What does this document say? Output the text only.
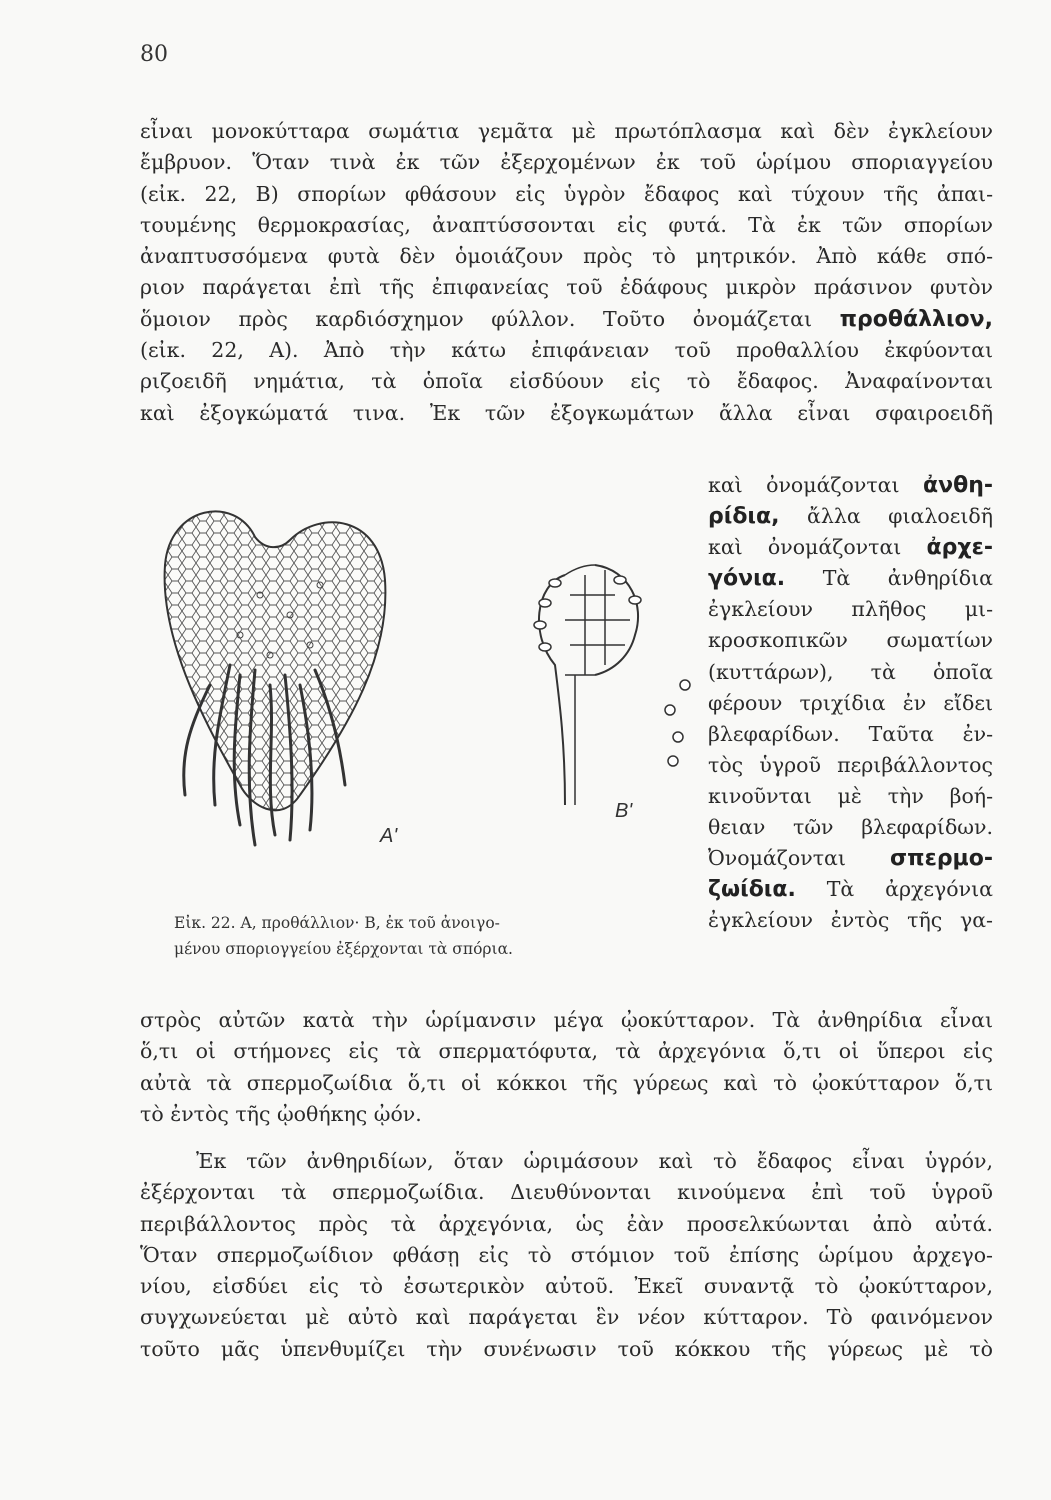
80
εἶναι μονοκύτταρα σωμάτια γεμᾶτα μὲ πρωτόπλασμα καὶ δὲν ἐγκλείουν
ἔμβρυον. Ὅταν τινὰ ἐκ τῶν ἐξερχομένων ἐκ τοῦ ὡρίμου σποριαγγείου
(εἰκ. 22, Β) σπορίων φθάσουν εἰς ὑγρὸν ἔδαφος καὶ τύχουν τῆς ἀπαι-
τουμένης θερμοκρασίας, ἀναπτύσσονται εἰς φυτά. Τὰ ἐκ τῶν σπορίων
ἀναπτυσσόμενα φυτὰ δὲν ὁμοιάζουν πρὸς τὸ μητρικόν. Ἀπὸ κάθε σπό-
ριον παράγεται ἐπὶ τῆς ἐπιφανείας τοῦ ἐδάφους μικρὸν πράσινον φυτὸν
ὅμοιον πρὸς καρδιόσχημον φύλλον. Τοῦτο ὀνομάζεται προθάλλιον,
(εἰκ. 22, Α). Ἀπὸ τὴν κάτω ἐπιφάνειαν τοῦ προθαλλίου ἐκφύονται
ριζοειδῆ νημάτια, τὰ ὁποῖα εἰσδύουν εἰς τὸ ἔδαφος. Ἀναφαίνονται
καὶ ἐξογκώματά τινα. Ἐκ τῶν ἐξογκωμάτων ἄλλα εἶναι σφαιροειδῆ
A'
B'
Εἰκ. 22. Α, προθάλλιον· Β, ἐκ τοῦ ἀνοιγο-
μένου σποριογγείου ἐξέρχονται τὰ σπόρια.
καὶ ὀνομάζονται ἀνθη-
ρίδια, ἄλλα φιαλοειδῆ
καὶ ὀνομάζονται ἀρχε-
γόνια. Τὰ ἀνθηρίδια
ἐγκλείουν πλῆθος μι-
κροσκοπικῶν σωματίων
(κυττάρων), τὰ ὁποῖα
φέρουν τριχίδια ἐν εἴδει
βλεφαρίδων. Ταῦτα ἐν-
τὸς ὑγροῦ περιβάλλοντος
κινοῦνται μὲ τὴν βοή-
θειαν τῶν βλεφαρίδων.
Ὀνομάζονται σπερμο-
ζωίδια. Τὰ ἀρχεγόνια
ἐγκλείουν ἐντὸς τῆς γα-
στρὸς αὐτῶν κατὰ τὴν ὡρίμανσιν μέγα ᾠοκύτταρον. Τὰ ἀνθηρίδια εἶναι
ὅ,τι οἱ στήμονες εἰς τὰ σπερματόφυτα, τὰ ἀρχεγόνια ὅ,τι οἱ ὕπεροι εἰς
αὐτὰ τὰ σπερμοζωίδια ὅ,τι οἱ κόκκοι τῆς γύρεως καὶ τὸ ᾠοκύτταρον ὅ,τι
τὸ ἐντὸς τῆς ᾠοθήκης ᾠόν.
Ἐκ τῶν ἀνθηριδίων, ὅταν ὡριμάσουν καὶ τὸ ἔδαφος εἶναι ὑγρόν,
ἐξέρχονται τὰ σπερμοζωίδια. Διευθύνονται κινούμενα ἐπὶ τοῦ ὑγροῦ
περιβάλλοντος πρὸς τὰ ἀρχεγόνια, ὡς ἐὰν προσελκύωνται ἀπὸ αὐτά.
Ὅταν σπερμοζωίδιον φθάσῃ εἰς τὸ στόμιον τοῦ ἐπίσης ὡρίμου ἀρχεγο-
νίου, εἰσδύει εἰς τὸ ἐσωτερικὸν αὐτοῦ. Ἐκεῖ συναντᾷ τὸ ᾠοκύτταρον,
συγχωνεύεται μὲ αὐτὸ καὶ παράγεται ἓν νέον κύτταρον. Τὸ φαινόμενον
τοῦτο μᾶς ὑπενθυμίζει τὴν συνένωσιν τοῦ κόκκου τῆς γύρεως μὲ τὸ
